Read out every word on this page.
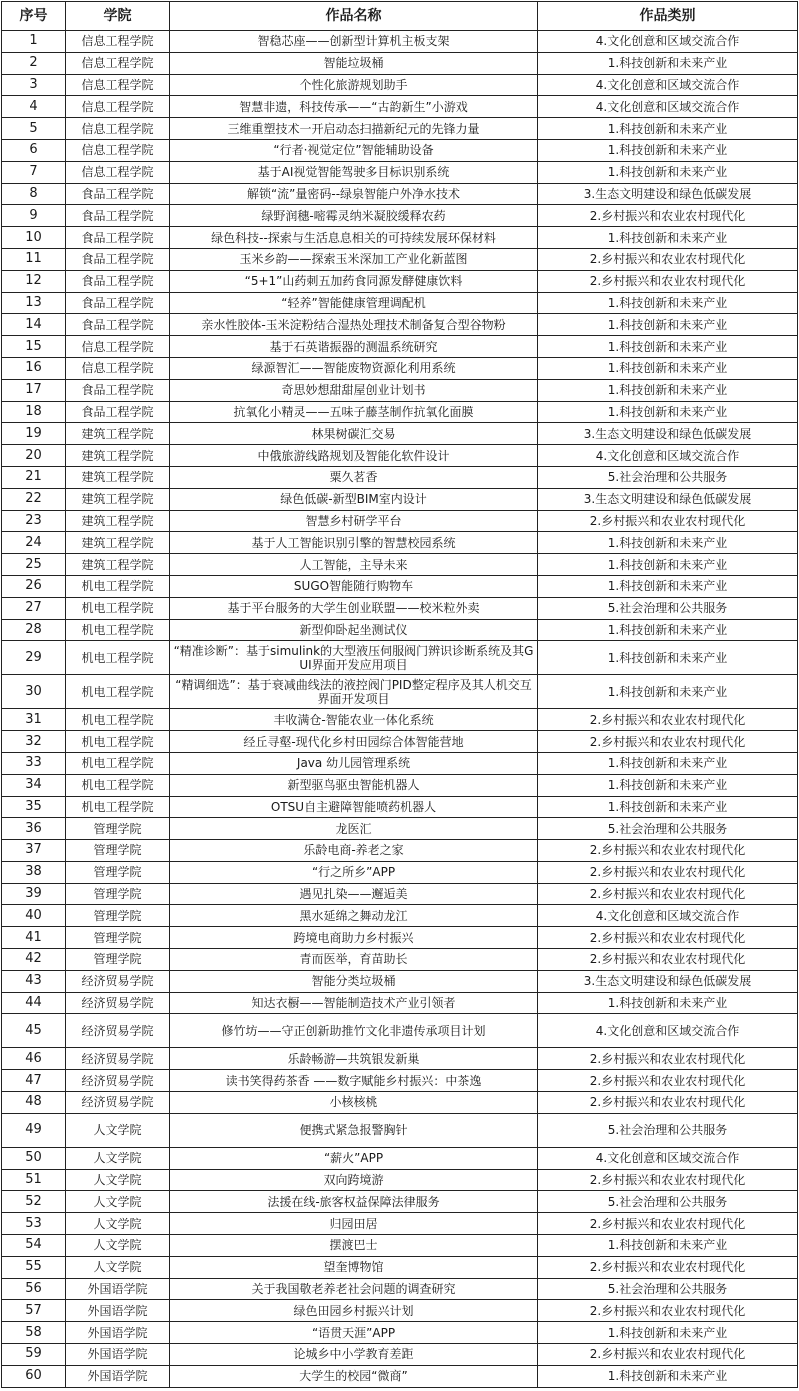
序号	学院	作品名称	作品类别
1	信息工程学院	智稳芯座——创新型计算机主板支架	4.文化创意和区域交流合作
2	信息工程学院	智能垃圾桶	1.科技创新和未来产业
3	信息工程学院	个性化旅游规划助手	4.文化创意和区域交流合作
4	信息工程学院	智慧非遗，科技传承——“古韵新生”小游戏	4.文化创意和区域交流合作
5	信息工程学院	三维重塑技术一开启动态扫描新纪元的先锋力量	1.科技创新和未来产业
6	信息工程学院	“行者·视觉定位”智能辅助设备	1.科技创新和未来产业
7	信息工程学院	基于AI视觉智能驾驶多目标识别系统	1.科技创新和未来产业
8	食品工程学院	解锁“流”量密码--绿泉智能户外净水技术	3.生态文明建设和绿色低碳发展
9	食品工程学院	绿野润穗-嘧霉灵纳米凝胶缓释农药	2.乡村振兴和农业农村现代化
10	食品工程学院	绿色科技--探索与生活息息相关的可持续发展环保材料	1.科技创新和未来产业
11	食品工程学院	玉米乡韵——探索玉米深加工产业化新蓝图	2.乡村振兴和农业农村现代化
12	食品工程学院	“5+1”山药刺五加药食同源发酵健康饮料	2.乡村振兴和农业农村现代化
13	食品工程学院	“轻养”智能健康管理调配机	1.科技创新和未来产业
14	食品工程学院	亲水性胶体-玉米淀粉结合湿热处理技术制备复合型谷物粉	1.科技创新和未来产业
15	信息工程学院	基于石英谐振器的测温系统研究	1.科技创新和未来产业
16	信息工程学院	绿源智汇——智能废物资源化利用系统	1.科技创新和未来产业
17	食品工程学院	奇思妙想甜甜屋创业计划书	1.科技创新和未来产业
18	食品工程学院	抗氧化小精灵——五味子藤茎制作抗氧化面膜	1.科技创新和未来产业
19	建筑工程学院	林果树碳汇交易	3.生态文明建设和绿色低碳发展
20	建筑工程学院	中俄旅游线路规划及智能化软件设计	4.文化创意和区域交流合作
21	建筑工程学院	粟久茗香	5.社会治理和公共服务
22	建筑工程学院	绿色低碳-新型BIM室内设计	3.生态文明建设和绿色低碳发展
23	建筑工程学院	智慧乡村研学平台	2.乡村振兴和农业农村现代化
24	建筑工程学院	基于人工智能识别引擎的智慧校园系统	1.科技创新和未来产业
25	建筑工程学院	人工智能，主导未来	1.科技创新和未来产业
26	机电工程学院	SUGO智能随行购物车	1.科技创新和未来产业
27	机电工程学院	基于平台服务的大学生创业联盟——校米粒外卖	5.社会治理和公共服务
28	机电工程学院	新型仰卧起坐测试仪	1.科技创新和未来产业
29	机电工程学院	“精准诊断”：基于simulink的大型液压伺服阀门辨识诊断系统及其GUI界面开发应用项目	1.科技创新和未来产业
30	机电工程学院	“精调细选”：基于衰减曲线法的液控阀门PID整定程序及其人机交互界面开发项目	1.科技创新和未来产业
31	机电工程学院	丰收满仓-智能农业一体化系统	2.乡村振兴和农业农村现代化
32	机电工程学院	经丘寻壑-现代化乡村田园综合体智能营地	2.乡村振兴和农业农村现代化
33	机电工程学院	Java 幼儿园管理系统	1.科技创新和未来产业
34	机电工程学院	新型驱鸟驱虫智能机器人	1.科技创新和未来产业
35	机电工程学院	OTSU自主避障智能喷药机器人	1.科技创新和未来产业
36	管理学院	龙医汇	5.社会治理和公共服务
37	管理学院	乐龄电商-养老之家	2.乡村振兴和农业农村现代化
38	管理学院	“行之所乡”APP	2.乡村振兴和农业农村现代化
39	管理学院	遇见扎染——邂逅美	2.乡村振兴和农业农村现代化
40	管理学院	黑水延绵之舞动龙江	4.文化创意和区域交流合作
41	管理学院	跨境电商助力乡村振兴	2.乡村振兴和农业农村现代化
42	管理学院	青而医举，育苗助长	2.乡村振兴和农业农村现代化
43	经济贸易学院	智能分类垃圾桶	3.生态文明建设和绿色低碳发展
44	经济贸易学院	知达衣橱——智能制造技术产业引领者	1.科技创新和未来产业
45	经济贸易学院	修竹坊——守正创新助推竹文化非遗传承项目计划	4.文化创意和区域交流合作
46	经济贸易学院	乐龄畅游—共筑银发新巢	2.乡村振兴和农业农村现代化
47	经济贸易学院	读书笑得药茶香 ——数字赋能乡村振兴：中茶逸	2.乡村振兴和农业农村现代化
48	经济贸易学院	小核核桃	2.乡村振兴和农业农村现代化
49	人文学院	便携式紧急报警胸针	5.社会治理和公共服务
50	人文学院	“薪火”APP	4.文化创意和区域交流合作
51	人文学院	双向跨境游	2.乡村振兴和农业农村现代化
52	人文学院	法援在线-旅客权益保障法律服务	5.社会治理和公共服务
53	人文学院	归园田居	2.乡村振兴和农业农村现代化
54	人文学院	摆渡巴士	1.科技创新和未来产业
55	人文学院	望奎博物馆	2.乡村振兴和农业农村现代化
56	外国语学院	关于我国敬老养老社会问题的调查研究	5.社会治理和公共服务
57	外国语学院	绿色田园乡村振兴计划	2.乡村振兴和农业农村现代化
58	外国语学院	“语贯天涯”APP	1.科技创新和未来产业
59	外国语学院	论城乡中小学教育差距	2.乡村振兴和农业农村现代化
60	外国语学院	大学生的校园“微商”	1.科技创新和未来产业
